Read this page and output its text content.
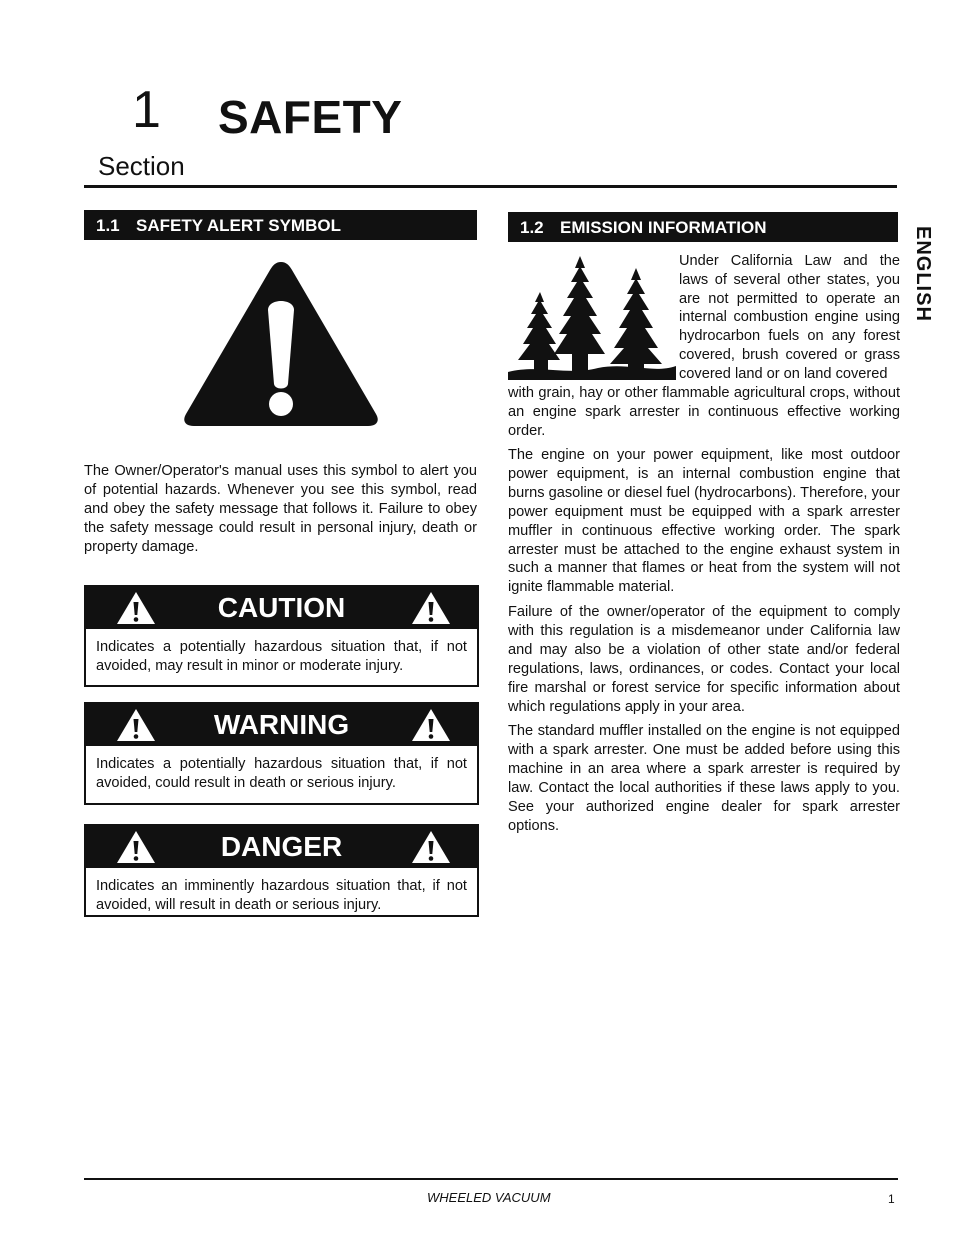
1 SAFETY
Section
ENGLISH
1.1 SAFETY ALERT SYMBOL
The Owner/Operator's manual uses this symbol to alert you of potential hazards. Whenever you see this symbol, read and obey the safety message that follows it. Failure to obey the safety message could result in personal injury, death or property damage.
CAUTION
Indicates a potentially hazardous situation that, if not avoided, may result in minor or moderate injury.
WARNING
Indicates a potentially hazardous situation that, if not avoided, could result in death or serious injury.
DANGER
Indicates an imminently hazardous situation that, if not avoided, will result in death or serious injury.
1.2 EMISSION INFORMATION
Under California Law and the laws of several other states, you are not permitted to operate an internal combustion engine using hydrocarbon fuels on any forest covered, brush covered or grass covered land or on land covered
with grain, hay or other flammable agricultural crops, without an engine spark arrester in continuous effective working order.
The engine on your power equipment, like most outdoor power equipment, is an internal combustion engine that burns gasoline or diesel fuel (hydrocarbons). Therefore, your power equipment must be equipped with a spark arrester muffler in continuous effective working order. The spark arrester must be attached to the engine exhaust system in such a manner that flames or heat from the system will not ignite flammable material.
Failure of the owner/operator of the equipment to comply with this regulation is a misdemeanor under California law and may also be a violation of other state and/or federal regulations, laws, ordinances, or codes. Contact your local fire marshal or forest service for specific information about which regulations apply in your area.
The standard muffler installed on the engine is not equipped with a spark arrester. One must be added before using this machine in an area where a spark arrester is required by law. Contact the local authorities if these laws apply to you. See your authorized engine dealer for spark arrester options.
WHEELED VACUUM	1
